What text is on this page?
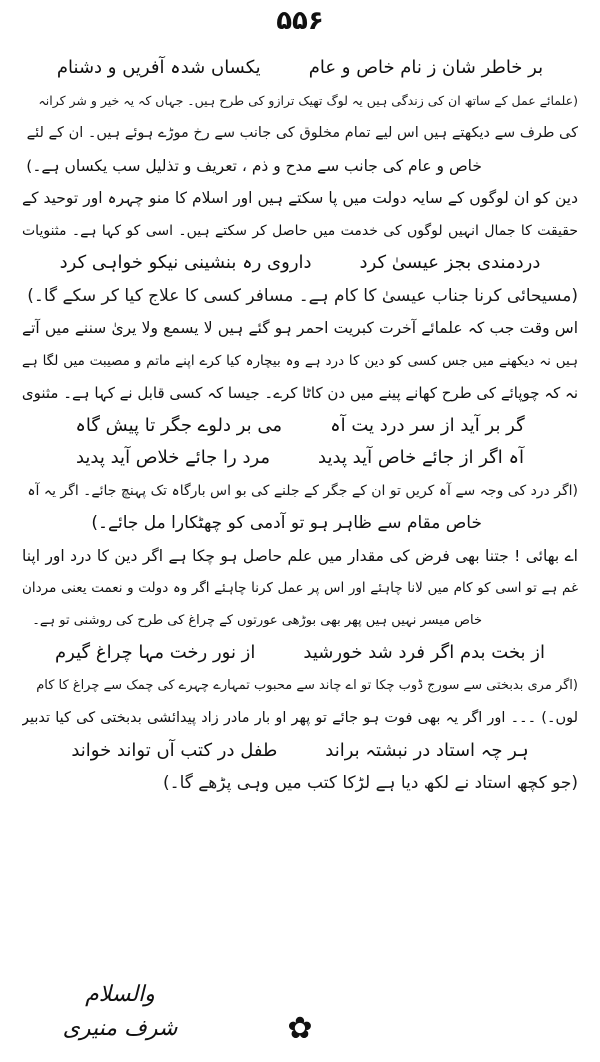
۵۵۶
بر خاطر شان ز نام خاص و عام
یکساں شدہ آفریں و دشنام
(علمائے عمل کے ساتھ ان کی زندگی ہیں یہ لوگ تھیک ترازو کی طرح ہیں۔ جہاں کہ یہ خیر و شر کرانہ
کی طرف سے دیکھتے ہیں اس لیے تمام مخلوق کی جانب سے رخ موڑے ہوئے ہیں۔ ان کے لئے
خاص و عام کی جانب سے مدح و ذم ، تعریف و تذلیل سب یکساں ہے۔)
دین کو ان لوگوں کے سایہ دولت میں پا سکتے ہیں اور اسلام کا منو چہرہ اور توحید کے
حقیقت کا جمال انہیں لوگوں کی خدمت میں حاصل کر سکتے ہیں۔ اسی کو کہا ہے۔ مثنویات
دردمندی بجز عیسیٰ کرد
داروی رہ بنشینی نیکو خواہی کرد
(مسیحائی کرنا جناب عیسیٰ کا کام ہے۔ مسافر کسی کا علاج کیا کر سکے گا۔)
اس وقت جب کہ علمائے آخرت کبریت احمر ہو گئے ہیں لا یسمع ولا یریٰ سننے میں آتے
ہیں نہ دیکھنے میں جس کسی کو دین کا درد ہے وہ بیچارہ کیا کرے اپنے ماتم و مصیبت میں لگا ہے
نہ کہ چوپائے کی طرح کھانے پینے میں دن کاٹا کرے۔ جیسا کہ کسی قابل نے کہا ہے۔ مثنوی
گر بر آید از سر درد یت آہ
می بر دلوے جگر تا پیش گاہ
آہ اگر از جائے خاص آید پدید
مرد را جائے خلاص آید پدید
(اگر درد کی وجہ سے آہ کریں تو ان کے جگر کے جلنے کی بو اس بارگاہ تک پہنچ جائے۔ اگر یہ آہ
خاص مقام سے ظاہر ہو تو آدمی کو چھٹکارا مل جائے۔)
اے بھائی ! جتنا بھی فرض کی مقدار میں علم حاصل ہو چکا ہے اگر دین کا درد اور اپنا
غم ہے تو اسی کو کام میں لانا چاہئے اور اس پر عمل کرنا چاہئے اگر وہ دولت و نعمت یعنی مردان
خاص میسر نہیں ہیں پھر بھی بوڑھی عورتوں کے چراغ کی طرح کی روشنی تو ہے۔
از بخت بدم اگر فرد شد خورشید
از نور رخت مہا چراغ گیرم
(اگر مری بدبختی سے سورج ڈوب چکا تو اے چاند سے محبوب تمہارے چہرے کی چمک سے چراغ کا کام
لوں۔) ۔۔۔ اور اگر یہ بھی فوت ہو جائے تو پھر او بار مادر زاد پیدائشی بدبختی کی کیا تدبیر
ہر چہ استاد در نبشتہ براند
طفل در کتب آں تواند خواند
(جو کچھ استاد نے لکھ دیا ہے لڑکا کتب میں وہی پڑھے گا۔)
والسلام
شرف منیری	✿
